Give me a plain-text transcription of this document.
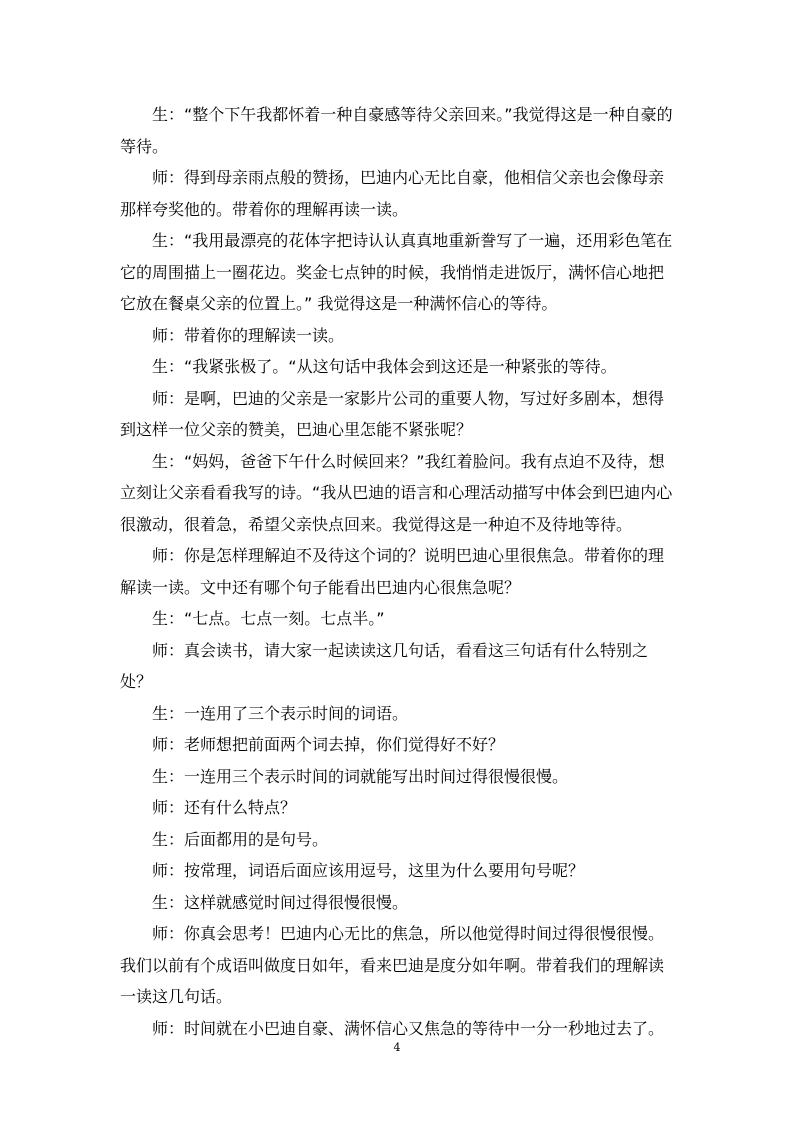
生：“整个下午我都怀着一种自豪感等待父亲回来。”我觉得这是一种自豪的等待。

师：得到母亲雨点般的赞扬，巴迪内心无比自豪，他相信父亲也会像母亲那样夸奖他的。带着你的理解再读一读。

生：“我用最漂亮的花体字把诗认认真真地重新誊写了一遍，还用彩色笔在它的周围描上一圈花边。奖金七点钟的时候，我悄悄走进饭厅，满怀信心地把它放在餐桌父亲的位置上。” 我觉得这是一种满怀信心的等待。

师：带着你的理解读一读。

生：“我紧张极了。“从这句话中我体会到这还是一种紧张的等待。

师：是啊，巴迪的父亲是一家影片公司的重要人物，写过好多剧本，想得到这样一位父亲的赞美，巴迪心里怎能不紧张呢？

生：“妈妈，爸爸下午什么时候回来？”我红着脸问。我有点迫不及待，想立刻让父亲看看我写的诗。“我从巴迪的语言和心理活动描写中体会到巴迪内心很激动，很着急，希望父亲快点回来。我觉得这是一种迫不及待地等待。

师：你是怎样理解迫不及待这个词的？说明巴迪心里很焦急。带着你的理解读一读。文中还有哪个句子能看出巴迪内心很焦急呢？

生：“七点。七点一刻。七点半。”

师：真会读书，请大家一起读读这几句话，看看这三句话有什么特别之处？

生：一连用了三个表示时间的词语。

师：老师想把前面两个词去掉，你们觉得好不好？

生：一连用三个表示时间的词就能写出时间过得很慢很慢。

师：还有什么特点？

生：后面都用的是句号。

师：按常理，词语后面应该用逗号，这里为什么要用句号呢？

生：这样就感觉时间过得很慢很慢。

师：你真会思考！巴迪内心无比的焦急，所以他觉得时间过得很慢很慢。我们以前有个成语叫做度日如年，看来巴迪是度分如年啊。带着我们的理解读一读这几句话。

师：时间就在小巴迪自豪、满怀信心又焦急的等待中一分一秒地过去了。

4
